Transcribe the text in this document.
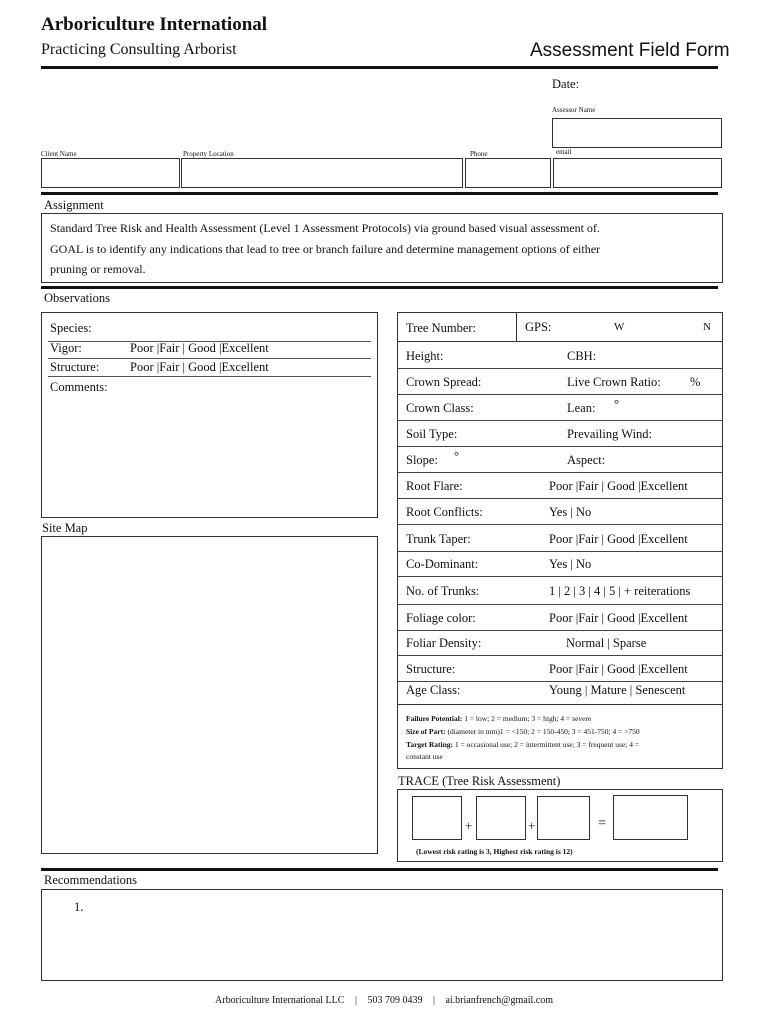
Arboriculture International
Practicing Consulting Arborist	Assessment Field Form
Date:
Assessor Name
Client Name	Property Location	Phone	email
Assignment
Standard Tree Risk and Health Assessment (Level 1 Assessment Protocols) via ground based visual assessment of.
GOAL is to identify any indications that lead to tree or branch failure and determine management options of either
pruning or removal.
Observations
Species:
Vigor:	Poor |Fair | Good |Excellent
Structure: Poor |Fair | Good |Excellent
Comments:
Site Map
Tree Number:	GPS:	W	N
Height:	CBH:
Crown Spread:	Live Crown Ratio: %
Crown Class:	Lean: °
Soil Type:	Prevailing Wind:
Slope: °	Aspect:
Root Flare:	Poor |Fair | Good |Excellent
Root Conflicts:	Yes | No
Trunk Taper:	Poor |Fair | Good |Excellent
Co-Dominant:	Yes | No
No. of Trunks:	1 | 2 | 3 | 4 | 5 | + reiterations
Foliage color:	Poor |Fair | Good |Excellent
Foliar Density:	Normal | Sparse
Structure:	Poor |Fair | Good |Excellent
Age Class:	Young | Mature | Senescent
Failure Potential: 1 = low; 2 = medium; 3 = high; 4 = severe
Size of Part: (diameter in mm)1 = <150; 2 = 150-450; 3 = 451-750; 4 = >750
Target Rating: 1 = occasional use; 2 = intermittent use; 3 = frequent use; 4 =
constant use
TRACE (Tree Risk Assessment)
+	+	=
(Lowest risk rating is 3, Highest risk rating is 12)
Recommendations
1.
Arboriculture International LLC | 503 709 0439 | ai.brianfrench@gmail.com
